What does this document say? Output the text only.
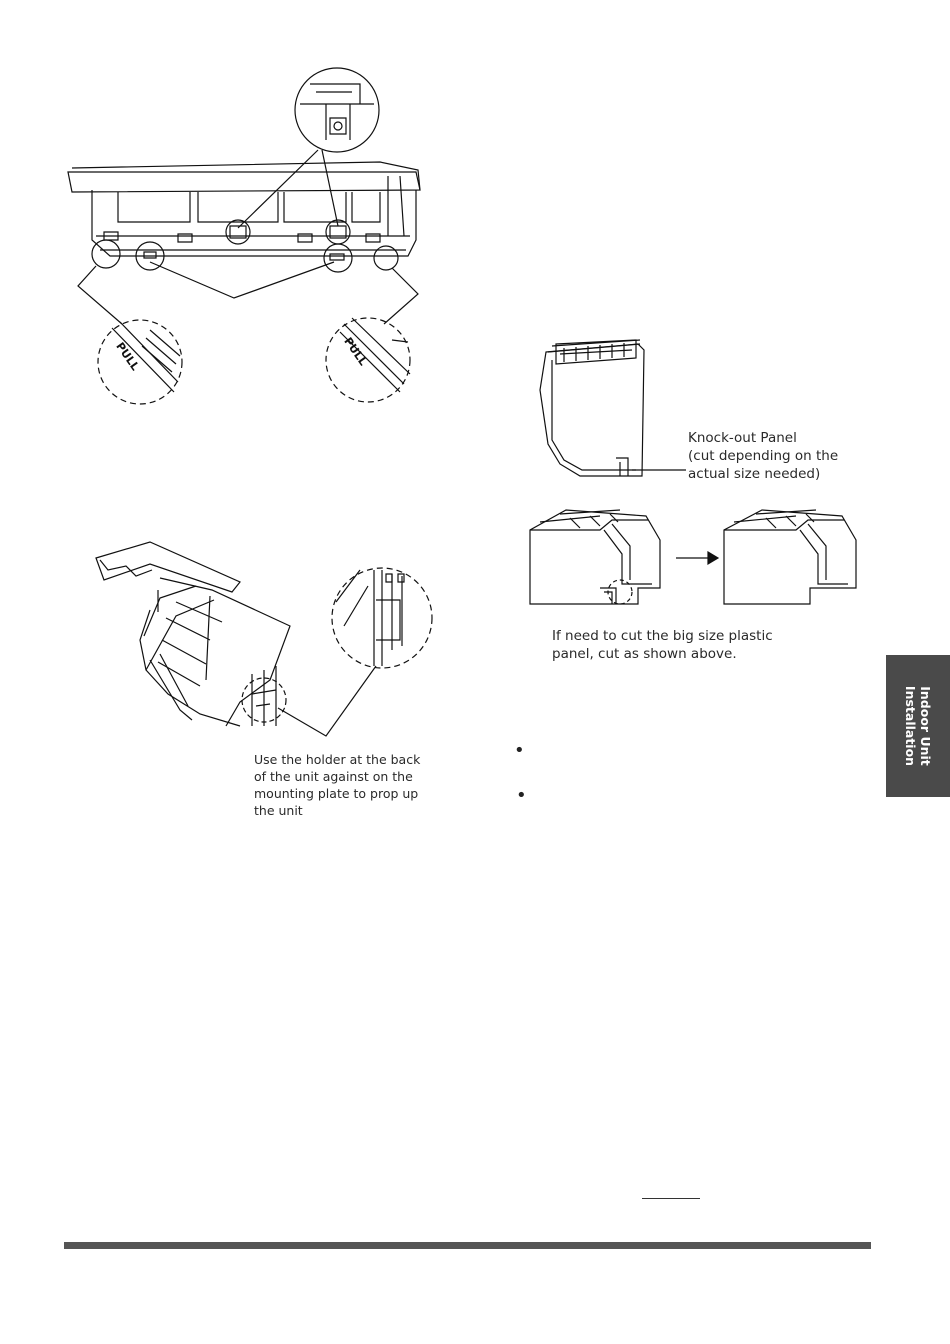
PULL	PULL
Use the holder at the back
of the unit against on the
mounting plate to prop up
the unit
Knock-out Panel
(cut depending on the
actual size needed)
If need to cut the big size plastic
panel, cut as shown above.
•
•
Indoor Unit
Installation
